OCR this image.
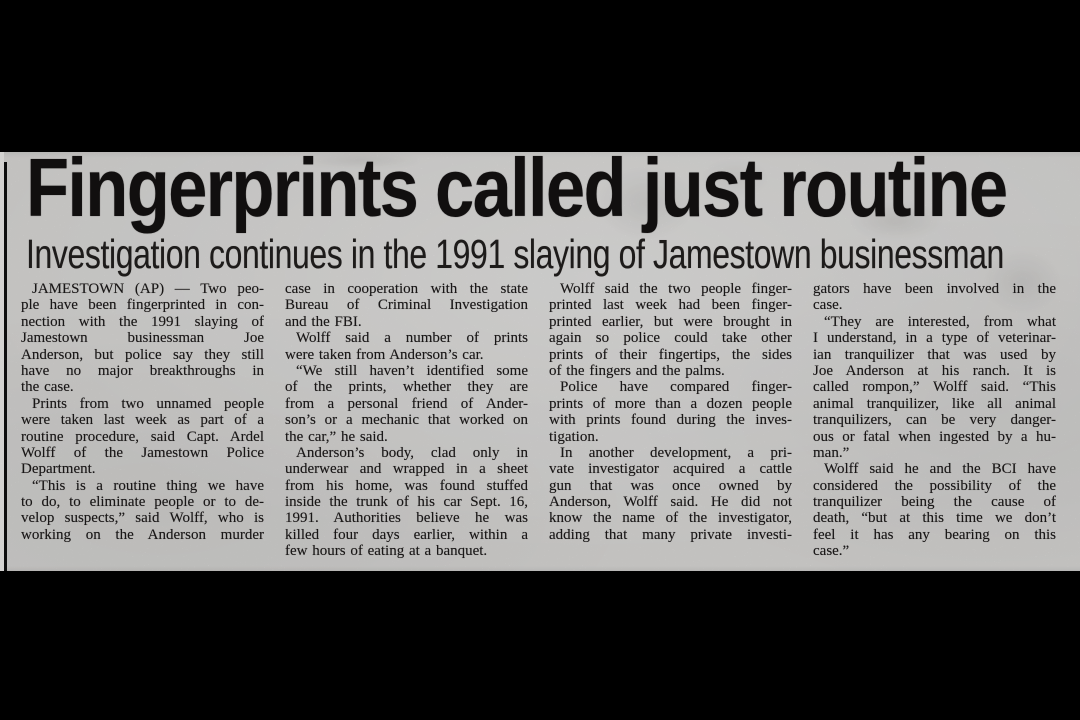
Fingerprints called just routine
Investigation continues in the 1991 slaying of Jamestown businessman
JAMESTOWN (AP) — Two peo-
ple have been fingerprinted in con-
nection with the 1991 slaying of
Jamestown businessman Joe
Anderson, but police say they still
have no major breakthroughs in
the case.
Prints from two unnamed people
were taken last week as part of a
routine procedure, said Capt. Ardel
Wolff of the Jamestown Police
Department.
“This is a routine thing we have
to do, to eliminate people or to de-
velop suspects,” said Wolff, who is
working on the Anderson murder
case in cooperation with the state
Bureau of Criminal Investigation
and the FBI.
Wolff said a number of prints
were taken from Anderson’s car.
“We still haven’t identified some
of the prints, whether they are
from a personal friend of Ander-
son’s or a mechanic that worked on
the car,” he said.
Anderson’s body, clad only in
underwear and wrapped in a sheet
from his home, was found stuffed
inside the trunk of his car Sept. 16,
1991. Authorities believe he was
killed four days earlier, within a
few hours of eating at a banquet.
Wolff said the two people finger-
printed last week had been finger-
printed earlier, but were brought in
again so police could take other
prints of their fingertips, the sides
of the fingers and the palms.
Police have compared finger-
prints of more than a dozen people
with prints found during the inves-
tigation.
In another development, a pri-
vate investigator acquired a cattle
gun that was once owned by
Anderson, Wolff said. He did not
know the name of the investigator,
adding that many private investi-
gators have been involved in the
case.
“They are interested, from what
I understand, in a type of veterinar-
ian tranquilizer that was used by
Joe Anderson at his ranch. It is
called rompon,” Wolff said. “This
animal tranquilizer, like all animal
tranquilizers, can be very danger-
ous or fatal when ingested by a hu-
man.”
Wolff said he and the BCI have
considered the possibility of the
tranquilizer being the cause of
death, “but at this time we don’t
feel it has any bearing on this
case.”
